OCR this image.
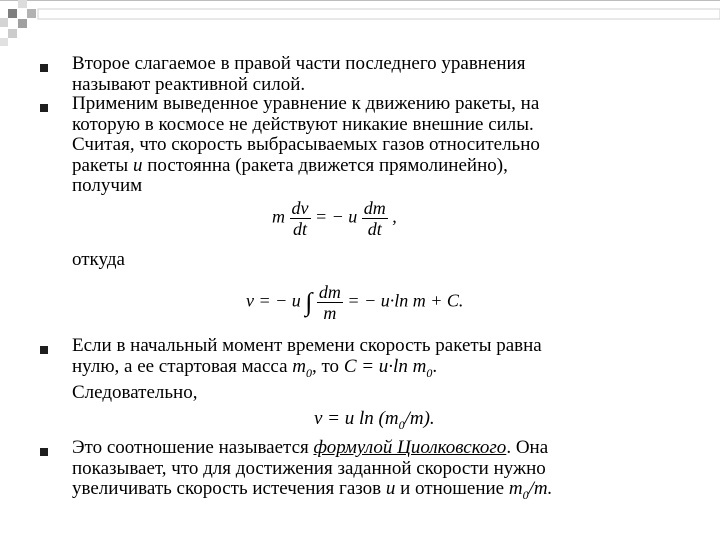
Второе слагаемое в правой части последнего уравнения
называют реактивной силой.

Применим выведенное уравнение к движению ракеты, на
которую в космосе не действуют никакие внешние силы.
Считая, что скорость выбрасываемых газов относительно
ракеты u постоянна (ракета движется прямолинейно),
получим

m $\frac{dv}{dt}$ = − u $\frac{dm}{dt}$ ,

откуда

v = − u ∫ $\frac{dm}{m}$ = − u·ln m + C.

Если в начальный момент времени скорость ракеты равна
нулю, а ее стартовая масса $m_0$, то C = u·ln $m_0$.
Следовательно,

v = u $\ln (m_0/m)$.

Это соотношение называется формулой Циолковского. Она
показывает, что для достижения заданной скорости нужно
увеличивать скорость истечения газов u и отношение $m_0/m$.
